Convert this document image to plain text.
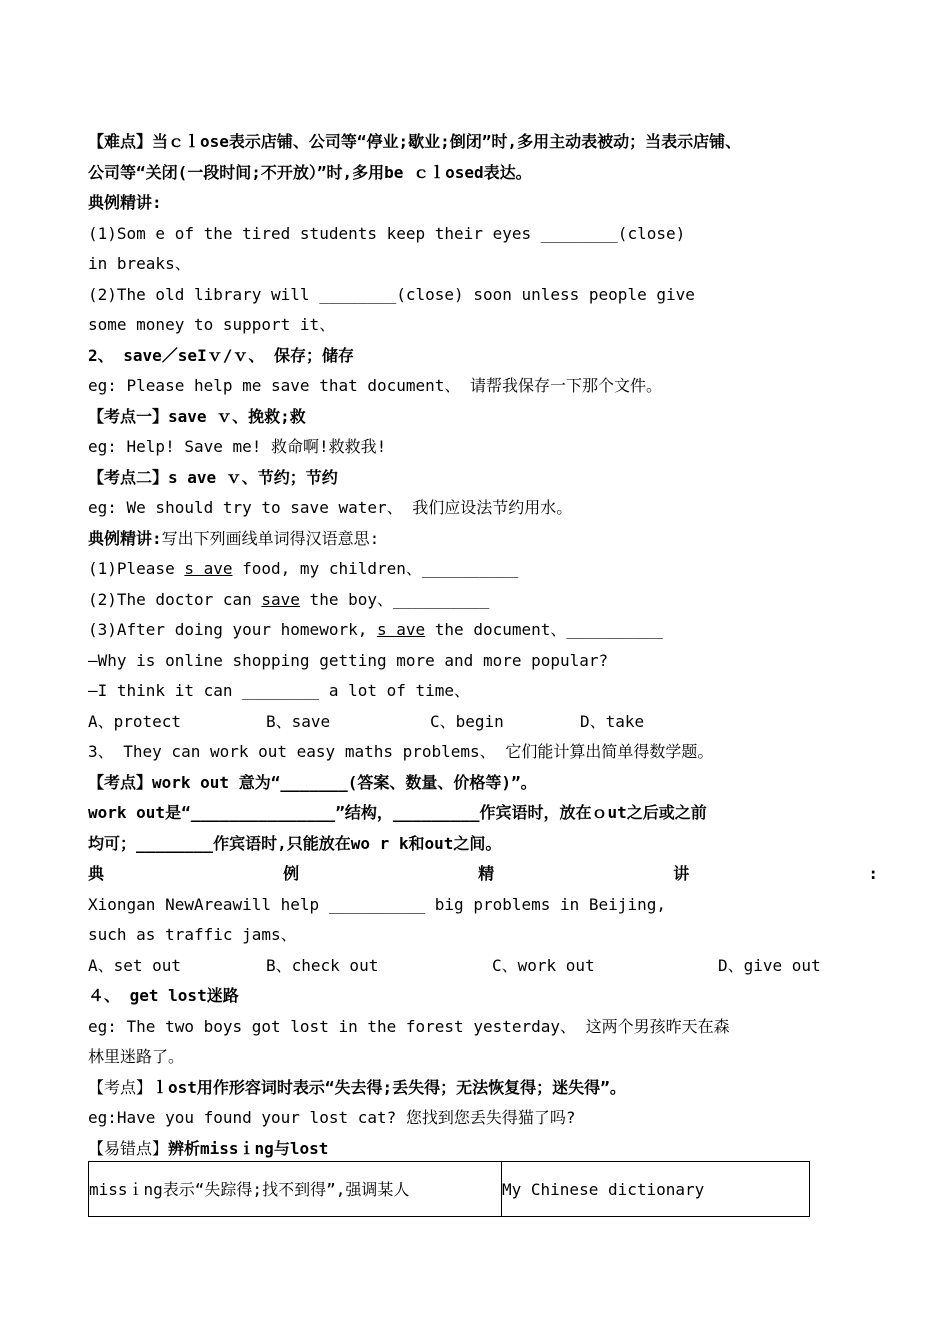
【难点】当ｃｌose表示店铺、公司等“停业;歇业;倒闭”时,多用主动表被动；当表示店铺、
公司等“关闭(一段时间;不开放）”时,多用be ｃｌosed表达。
典例精讲:
(1)Som e of the tired students keep their eyes ________(close)
in breaks、
(2)The old library will ________(close) soon unless people give
some money to support it、
2、 save／seIｖ/ｖ、 保存；储存
eg: Please help me save that document、 请帮我保存一下那个文件。
【考点一】save ｖ、挽救;救
eg: Help! Save me! 救命啊!救救我!
【考点二】s ave ｖ、节约；节约
eg: We should try to save water、 我们应设法节约用水。
典例精讲:写出下列画线单词得汉语意思:
(1)Please s ave food, my children、__________
(2)The doctor can save the boy、__________
(3)After doing your homework, s ave the document、__________
—Why is online shopping getting more and more popular?
—I think it can ________ a lot of time、
A、protect	B、save	C、begin	D、take
3、 They can work out easy maths problems、 它们能计算出简单得数学题。
【考点】work out 意为“_______(答案、数量、价格等)”。
work out是“_______________”结构，_________作宾语时，放在ｏut之后或之前
均可；________作宾语时,只能放在wo r k和out之间。
典	例	精	讲	:
Xiongan NewAreawill help __________ big problems in Beijing,
such as traffic jams、
A、set out	B、check out	C、work out	D、give out
４、 get lost迷路
eg: The two boys got lost in the forest yesterday、 这两个男孩昨天在森
林里迷路了。
【考点】ｌost用作形容词时表示“失去得;丢失得；无法恢复得；迷失得”。
eg:Have you found your lost cat? 您找到您丢失得猫了吗?
【易错点】辨析missｉng与lost
missｉng表示“失踪得;找不到得”,强调某人	My Chinese dictionary
